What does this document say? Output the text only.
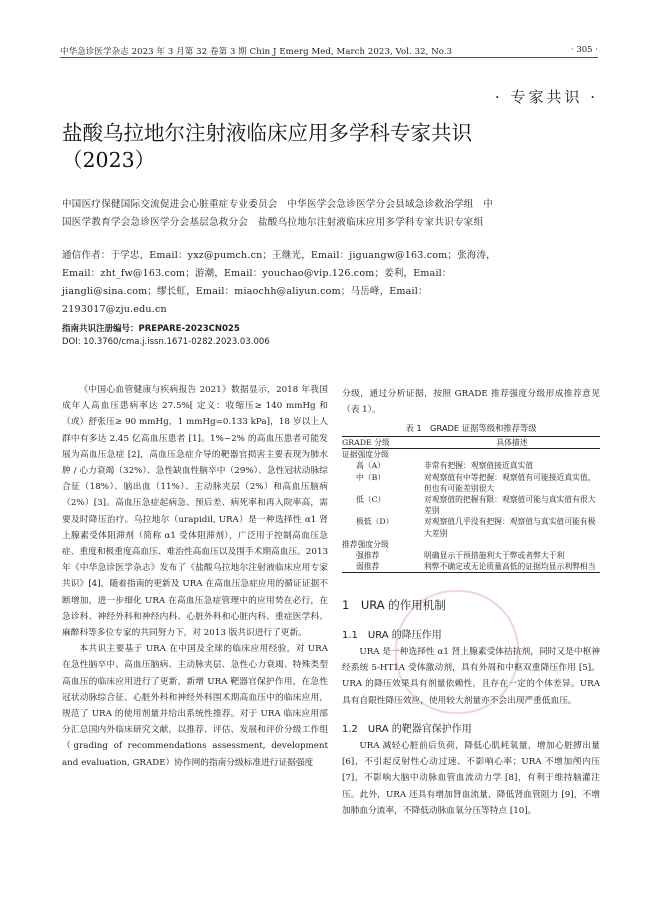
中华急诊医学杂志 2023 年 3 月第 32 卷第 3 期 Chin J Emerg Med, March 2023, Vol. 32, No.3	· 305 ·
· 专家共识 ·
盐酸乌拉地尔注射液临床应用多学科专家共识（2023）
中国医疗保健国际交流促进会心脏重症专业委员会　中华医学会急诊医学分会县域急诊救治学组　中国医学教育学会急诊医学分会基层急救分会　盐酸乌拉地尔注射液临床应用多学科专家共识专家组
通信作者：于学忠，Email：yxz@pumch.cn；王继光，Email：jiguangw@163.com；张海涛，Email：zht_fw@163.com；游潮，Email：youchao@vip.126.com；姜利，Email：jiangli@sina.com；缪长虹，Email：miaochh@aliyun.com；马岳峰，Email：2193017@zju.edu.cn
指南共识注册编号：PREPARE-2023CN025
DOI: 10.3760/cma.j.issn.1671-0282.2023.03.006

《中国心血管健康与疾病报告 2021》数据显示，2018 年我国成年人高血压患病率达 27.5%[ 定义：收缩压≥ 140 mmHg 和（或）舒张压≥ 90 mmHg，1 mmHg=0.133 kPa]，18 岁以上人群中有多达 2.45 亿高血压患者 [1]。1%~2% 的高血压患者可能发展为高血压急症 [2]，高血压急症介导的靶器官损害主要表现为肺水肿 / 心力衰竭（32%）、急性缺血性脑卒中（29%）、急性冠状动脉综合征（18%）、脑出血（11%）、主动脉夹层（2%）和高血压脑病（2%）[3]。高血压急症起病急、预后差、病死率和再入院率高，需要及时降压治疗。乌拉地尔（urapidil, URA）是一种选择性 α1 肾上腺素受体阻滞剂（简称 α1 受体阻滞剂），广泛用于控制高血压急症、重度和极重度高血压、难治性高血压以及围手术期高血压。2013 年《中华急诊医学杂志》发布了《盐酸乌拉地尔注射液临床应用专家共识》[4]，随着指南的更新及 URA 在高血压急症应用的循证证据不断增加，进一步细化 URA 在高血压急症管理中的应用势在必行，在急诊科、神经外科和神经内科、心脏外科和心脏内科、重症医学科、麻醉科等多位专家的共同努力下，对 2013 版共识进行了更新。

本共识主要基于 URA 在中国及全球的临床应用经验，对 URA 在急性脑卒中、高血压脑病、主动脉夹层、急性心力衰竭、特殊类型高血压的临床应用进行了更新，新增 URA 靶器官保护作用，在急性冠状动脉综合征、心脏外科和神经外科围术期高血压中的临床应用，规范了 URA 的使用剂量并给出系统性推荐。对于 URA 临床应用部分汇总国内外临床研究文献，以推荐、评估、发展和评价分级工作组（grading of recommendations assessment, development and evaluation, GRADE）协作网的指南分级标准进行证据强度

分级，通过分析证据，按照 GRADE 推荐强度分级形成推荐意见（表 1）。

表 1　GRADE 证据等级和推荐等级
GRADE 分级	具体描述
证据强度分级	
高（A）	非常有把握：观察值接近真实值
中（B）	对观察值有中等把握：观察值有可能接近真实值，但也有可能差别很大
低（C）	对观察值的把握有限：观察值可能与真实值有很大差别
极低（D）	对观察值几乎没有把握：观察值与真实值可能有极大差别
推荐强度分级	
强推荐	明确显示干预措施利大于弊或者弊大于利
弱推荐	利弊不确定或无论质量高低的证据均显示利弊相当
1　URA 的作用机制
1.1　URA 的降压作用

URA 是一种选择性 α1 肾上腺素受体拮抗剂，同时又是中枢神经系统 5-HT1A 受体激动剂，具有外周和中枢双重降压作用 [5]。URA 的降压效果具有剂量依赖性，且存在一定的个体差异。URA 具有自限性降压效应，使用较大剂量亦不会出现严重低血压。

1.2　URA 的靶器官保护作用

URA 减轻心脏前后负荷，降低心肌耗氧量，增加心脏搏出量 [6]，不引起反射性心动过速、不影响心率；URA 不增加颅内压 [7]，不影响大脑中动脉血管血流动力学 [8]，有利于维持脑灌注压。此外，URA 还具有增加肾血流量，降低肾血管阻力 [9]，不增加肺血分流率，不降低动脉血氧分压等特点 [10]。
